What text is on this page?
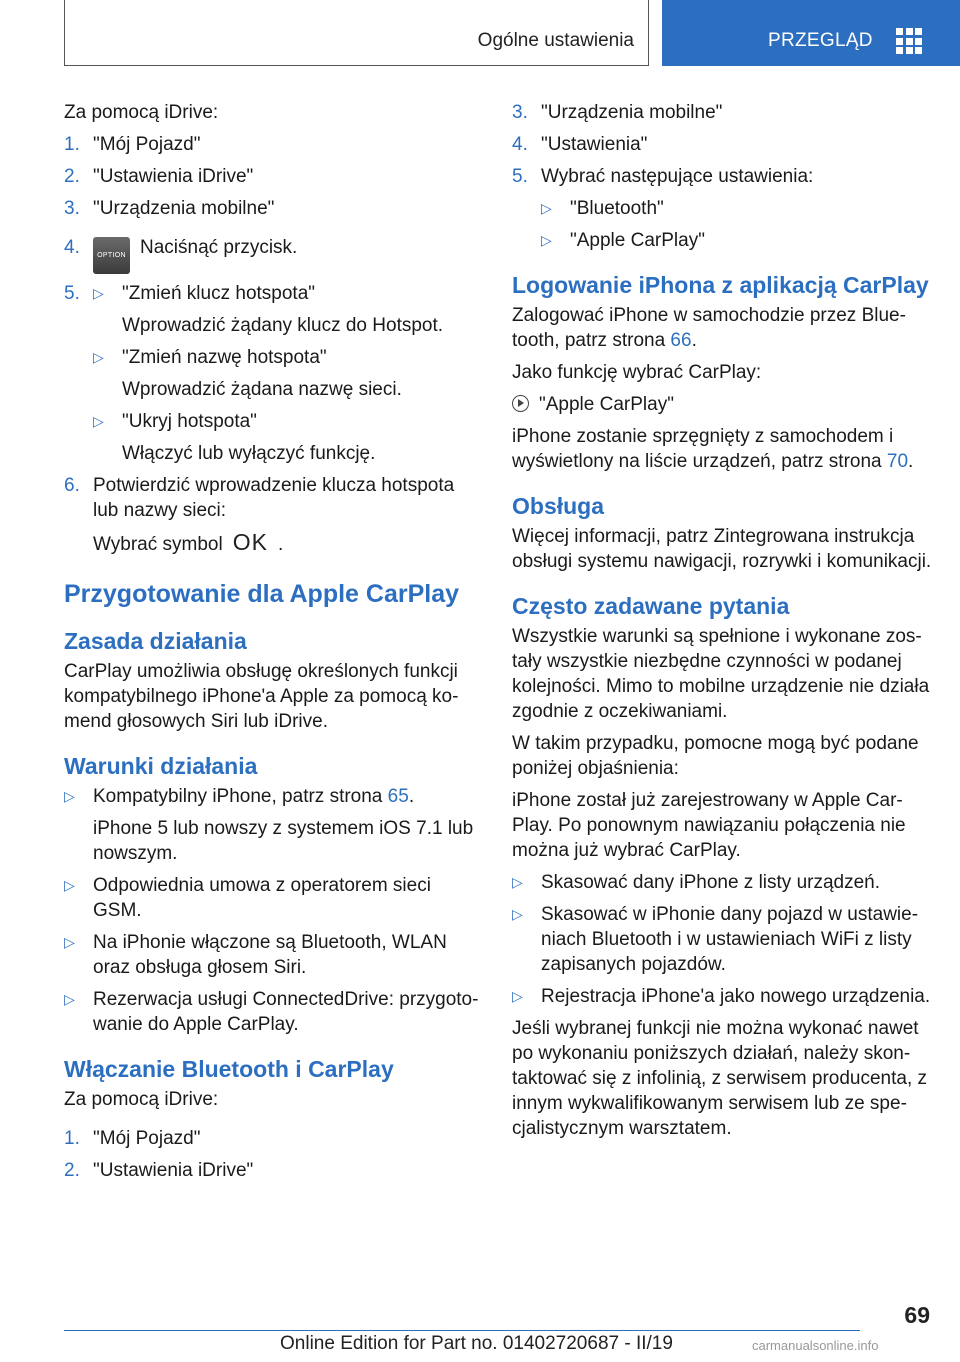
Ogólne ustawienia	PRZEGLĄD

Za pomocą iDrive:

1. "Mój Pojazd"
2. "Ustawienia iDrive"
3. "Urządzenia mobilne"
4. OPTION Naciśnąć przycisk.
5. ▷ "Zmień klucz hotspota"
Wprowadzić żądany klucz do Hotspot.
▷ "Zmień nazwę hotspota"
Wprowadzić żądana nazwę sieci.
▷ "Ukryj hotspota"
Włączyć lub wyłączyć funkcję.
6. Potwierdzić wprowadzenie klucza hotspota lub nazwy sieci:
Wybrać symbol OK .
Przygotowanie dla Apple CarPlay
Zasada działania

CarPlay umożliwia obsługę określonych funkcji kompatybilnego iPhone'a Apple za pomocą komend głosowych Siri lub iDrive.

Warunki działania
▷ Kompatybilny iPhone, patrz strona 65.
iPhone 5 lub nowszy z systemem iOS 7.1 lub nowszym.
▷ Odpowiednia umowa z operatorem sieci GSM.
▷ Na iPhonie włączone są Bluetooth, WLAN oraz obsługa głosem Siri.
▷ Rezerwacja usługi ConnectedDrive: przygotowanie do Apple CarPlay.
Włączanie Bluetooth i CarPlay

Za pomocą iDrive:

1. "Mój Pojazd"
2. "Ustawienia iDrive"
3. "Urządzenia mobilne"
4. "Ustawienia"
5. Wybrać następujące ustawienia:
▷ "Bluetooth"
▷ "Apple CarPlay"
Logowanie iPhona z aplikacją CarPlay

Zalogować iPhone w samochodzie przez Bluetooth, patrz strona 66.

Jako funkcję wybrać CarPlay:

"Apple CarPlay"

iPhone zostanie sprzęgnięty z samochodem i wyświetlony na liście urządzeń, patrz strona 70.

Obsługa

Więcej informacji, patrz Zintegrowana instrukcja obsługi systemu nawigacji, rozrywki i komunikacji.

Często zadawane pytania

Wszystkie warunki są spełnione i wykonane zostały wszystkie niezbędne czynności w podanej kolejności. Mimo to mobilne urządzenie nie działa zgodnie z oczekiwaniami.

W takim przypadku, pomocne mogą być podane poniżej objaśnienia:

iPhone został już zarejestrowany w Apple CarPlay. Po ponownym nawiązaniu połączenia nie można już wybrać CarPlay.

▷ Skasować dany iPhone z listy urządzeń.
▷ Skasować w iPhonie dany pojazd w ustawieniach Bluetooth i w ustawieniach WiFi z listy zapisanych pojazdów.
▷ Rejestracja iPhone'a jako nowego urządzenia.

Jeśli wybranej funkcji nie można wykonać nawet po wykonaniu poniższych działań, należy skontaktować się z infolinią, z serwisem producenta, z innym wykwalifikowanym serwisem lub ze specjalistycznym warsztatem.

69
Online Edition for Part no. 01402720687 - II/19	carmanualsonline.info
